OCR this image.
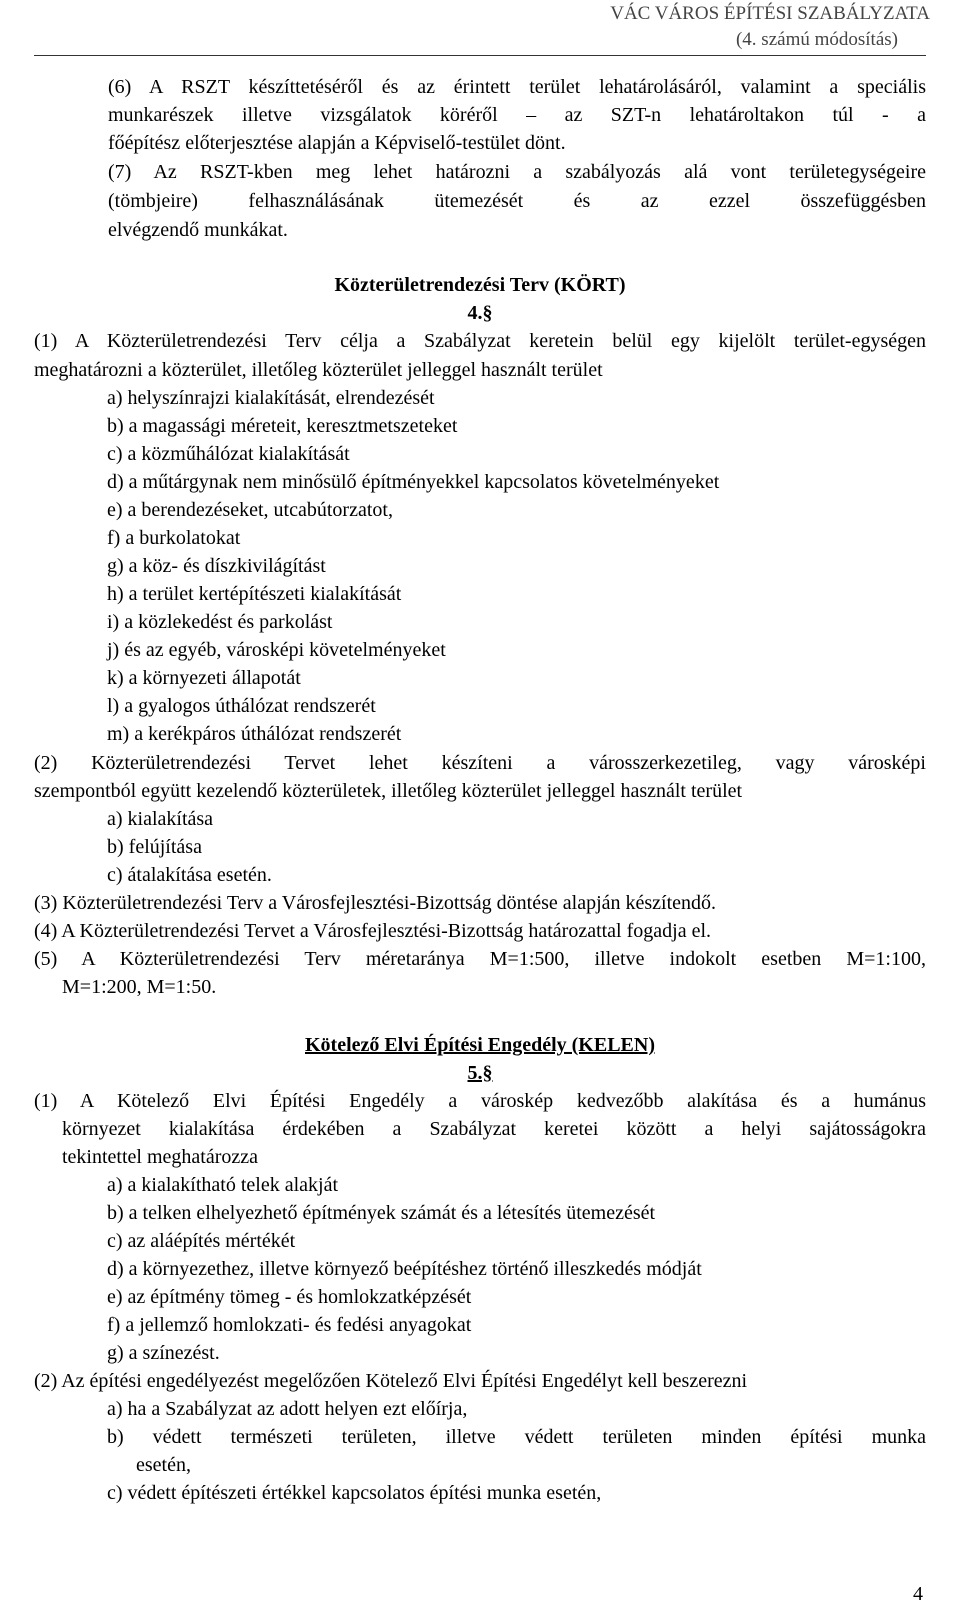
VÁC VÁROS ÉPÍTÉSI SZABÁLYZATA
(4. számú módosítás)
(6) A RSZT készíttetéséről és az érintett terület lehatárolásáról, valamint a speciális
munkarészek illetve vizsgálatok köréről – az SZT-n lehatároltakon túl - a
főépítész előterjesztése alapján a Képviselő-testület dönt.
(7) Az RSZT-kben meg lehet határozni a szabályozás alá vont területegységeire
(tömbjeire) felhasználásának ütemezését és az ezzel összefüggésben
elvégzendő munkákat.
Közterületrendezési Terv (KÖRT)
4.§
(1) A Közterületrendezési Terv célja a Szabályzat keretein belül egy kijelölt terület-egységen
meghatározni a közterület, illetőleg közterület jelleggel használt terület
a) helyszínrajzi kialakítását, elrendezését
b) a magassági méreteit, keresztmetszeteket
c) a közműhálózat kialakítását
d) a műtárgynak nem minősülő építményekkel kapcsolatos követelményeket
e) a berendezéseket, utcabútorzatot,
f) a burkolatokat
g) a köz- és díszkivilágítást
h) a terület kertépítészeti kialakítását
i) a közlekedést és parkolást
j) és az egyéb, városképi követelményeket
k) a környezeti állapotát
l) a gyalogos úthálózat rendszerét
m) a kerékpáros úthálózat rendszerét
(2) Közterületrendezési Tervet lehet készíteni a városszerkezetileg, vagy városképi
szempontból együtt kezelendő közterületek, illetőleg közterület jelleggel használt terület
a) kialakítása
b) felújítása
c) átalakítása esetén.
(3) Közterületrendezési Terv a Városfejlesztési-Bizottság döntése alapján készítendő.
(4) A Közterületrendezési Tervet a Városfejlesztési-Bizottság határozattal fogadja el.
(5) A Közterületrendezési Terv méretaránya M=1:500, illetve indokolt esetben M=1:100,
M=1:200, M=1:50.
Kötelező Elvi Építési Engedély (KELEN)
5.§
(1) A Kötelező Elvi Építési Engedély a városkép kedvezőbb alakítása és a humánus
környezet kialakítása érdekében a Szabályzat keretei között a helyi sajátosságokra
tekintettel meghatározza
a) a kialakítható telek alakját
b) a telken elhelyezhető építmények számát és a létesítés ütemezését
c) az aláépítés mértékét
d) a környezethez, illetve környező beépítéshez történő illeszkedés módját
e) az építmény tömeg - és homlokzatképzését
f) a jellemző homlokzati- és fedési anyagokat
g) a színezést.
(2) Az építési engedélyezést megelőzően Kötelező Elvi Építési Engedélyt kell beszerezni
a) ha a Szabályzat az adott helyen ezt előírja,
b) védett természeti területen, illetve védett területen minden építési munka
esetén,
c) védett építészeti értékkel kapcsolatos építési munka esetén,
4
